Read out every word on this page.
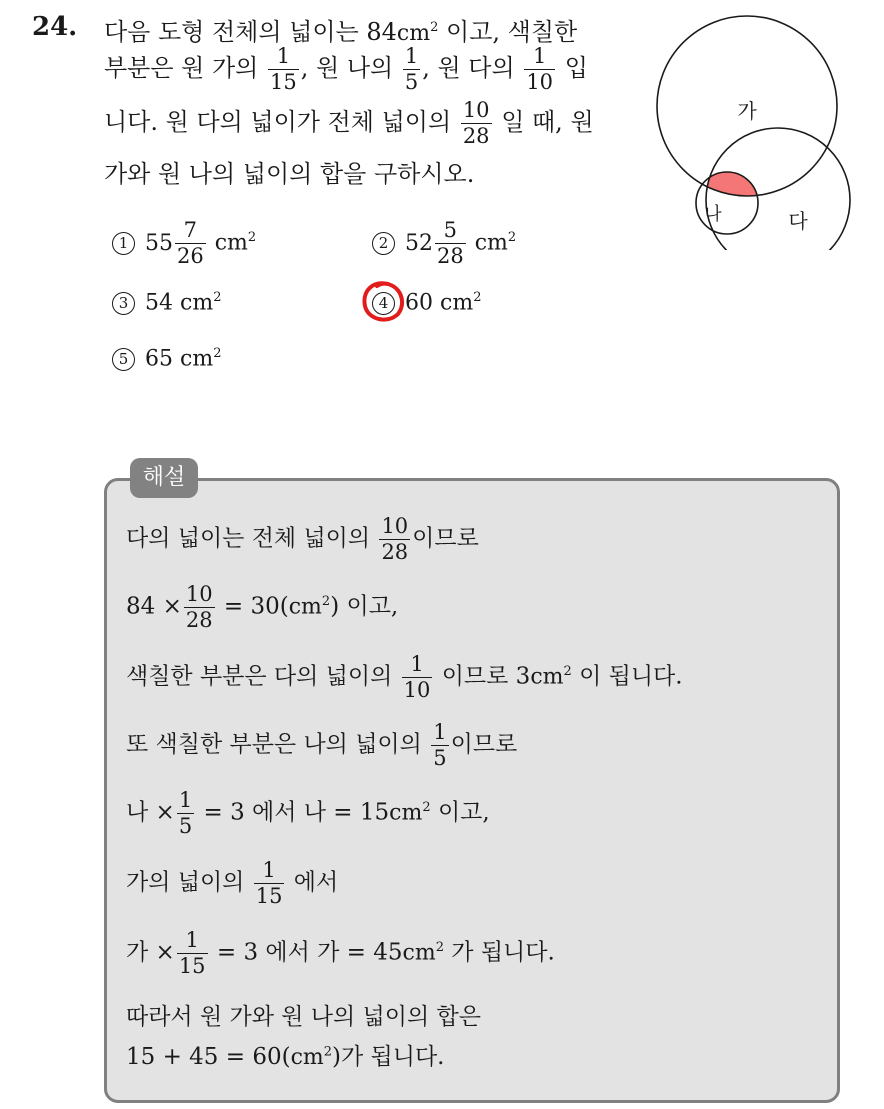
24. 다음 도형 전체의 넓이는 $84cm^2$ 이고, 색칠한
부분은 원 가의 $\frac{1}{15}$ , 원 나의 $\frac{1}{5}$ , 원 다의 $\frac{1}{10}$ 입
니다. 원 다의 넓이가 전체 넓이의 $\frac{10}{28}$ 일 때, 원
가와 원 나의 넓이의 합을 구하시오.
가
나	다
1 $55 \frac{7}{26} cm^2$	2 $52 \frac{5}{28} cm^2$
3 54 $cm^2$	4 60 $cm^2$
5 65 $cm^2$
해설
다의 넓이는 전체 넓이의 $\frac{10}{28}$ 이므로
$84 \times \frac{10}{28} = 30(cm^2)$ 이고,
색칠한 부분은 다의 넓이의 $\frac{1}{10}$ 이므로 $3cm^2$ 이 됩니다.
또 색칠한 부분은 나의 넓이의 $\frac{1}{5}$ 이므로
나 × $\frac{1}{5} = 3$ 에서 나 = $15cm^2$ 이고,
가의 넓이의 $\frac{1}{15}$ 에서
가 × $\frac{1}{15} = 3$ 에서 가 = $45cm^2$ 가 됩니다.
따라서 원 가와 원 나의 넓이의 합은
$15 + 45 = 60(cm^2)$가 됩니다.
